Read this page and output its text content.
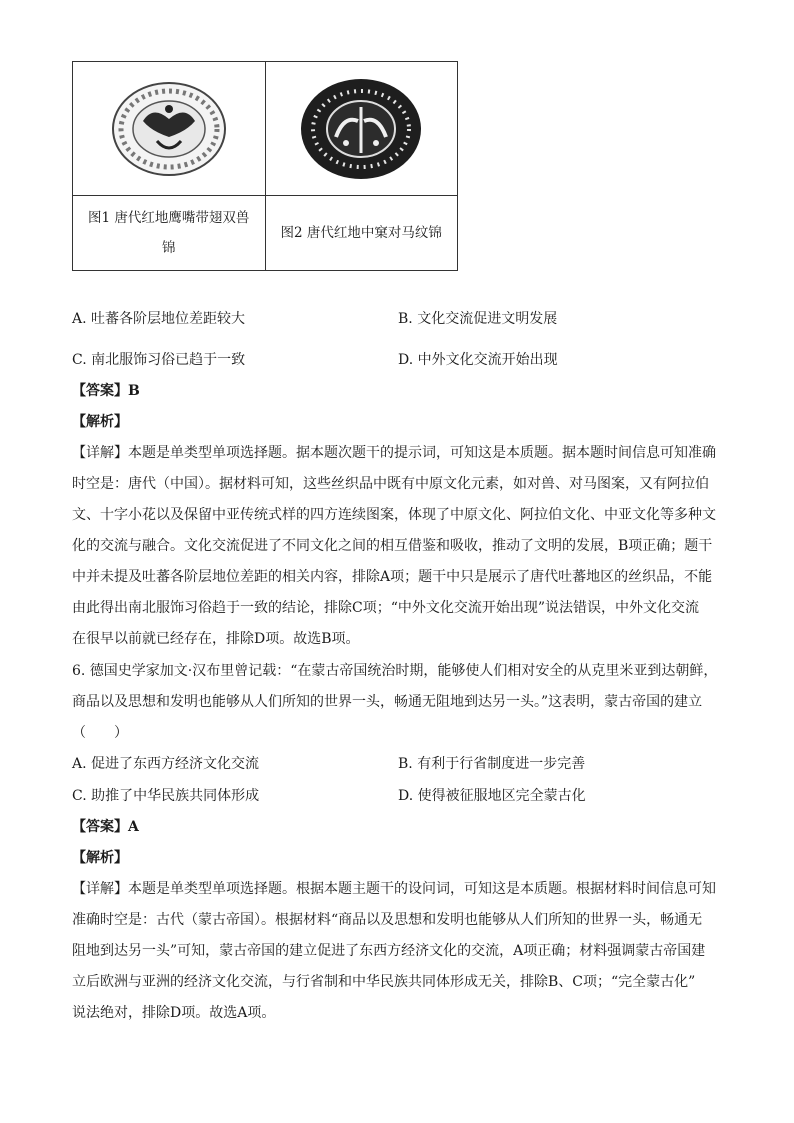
图1 唐代红地鹰嘴带翅双兽锦	图2 唐代红地中窠对马纹锦
A. 吐蕃各阶层地位差距较大	B. 文化交流促进文明发展
C. 南北服饰习俗已趋于一致	D. 中外文化交流开始出现
【答案】B
【解析】
【详解】本题是单类型单项选择题。据本题次题干的提示词，可知这是本质题。据本题时间信息可知准确
时空是：唐代（中国）。据材料可知，这些丝织品中既有中原文化元素，如对兽、对马图案，又有阿拉伯
文、十字小花以及保留中亚传统式样的四方连续图案，体现了中原文化、阿拉伯文化、中亚文化等多种文
化的交流与融合。文化交流促进了不同文化之间的相互借鉴和吸收，推动了文明的发展，B项正确；题干
中并未提及吐蕃各阶层地位差距的相关内容，排除A项；题干中只是展示了唐代吐蕃地区的丝织品，不能
由此得出南北服饰习俗趋于一致的结论，排除C项；“中外文化交流开始出现”说法错误，中外文化交流
在很早以前就已经存在，排除D项。故选B项。
6. 德国史学家加文·汉布里曾记载：“在蒙古帝国统治时期，能够使人们相对安全的从克里米亚到达朝鲜，
商品以及思想和发明也能够从人们所知的世界一头，畅通无阻地到达另一头。”这表明，蒙古帝国的建立
（　　）
A. 促进了东西方经济文化交流	B. 有利于行省制度进一步完善
C. 助推了中华民族共同体形成	D. 使得被征服地区完全蒙古化
【答案】A
【解析】
【详解】本题是单类型单项选择题。根据本题主题干的设问词，可知这是本质题。根据材料时间信息可知
准确时空是：古代（蒙古帝国）。根据材料“商品以及思想和发明也能够从人们所知的世界一头，畅通无
阻地到达另一头”可知，蒙古帝国的建立促进了东西方经济文化的交流，A项正确；材料强调蒙古帝国建
立后欧洲与亚洲的经济文化交流，与行省制和中华民族共同体形成无关，排除B、C项；“完全蒙古化”
说法绝对，排除D项。故选A项。
